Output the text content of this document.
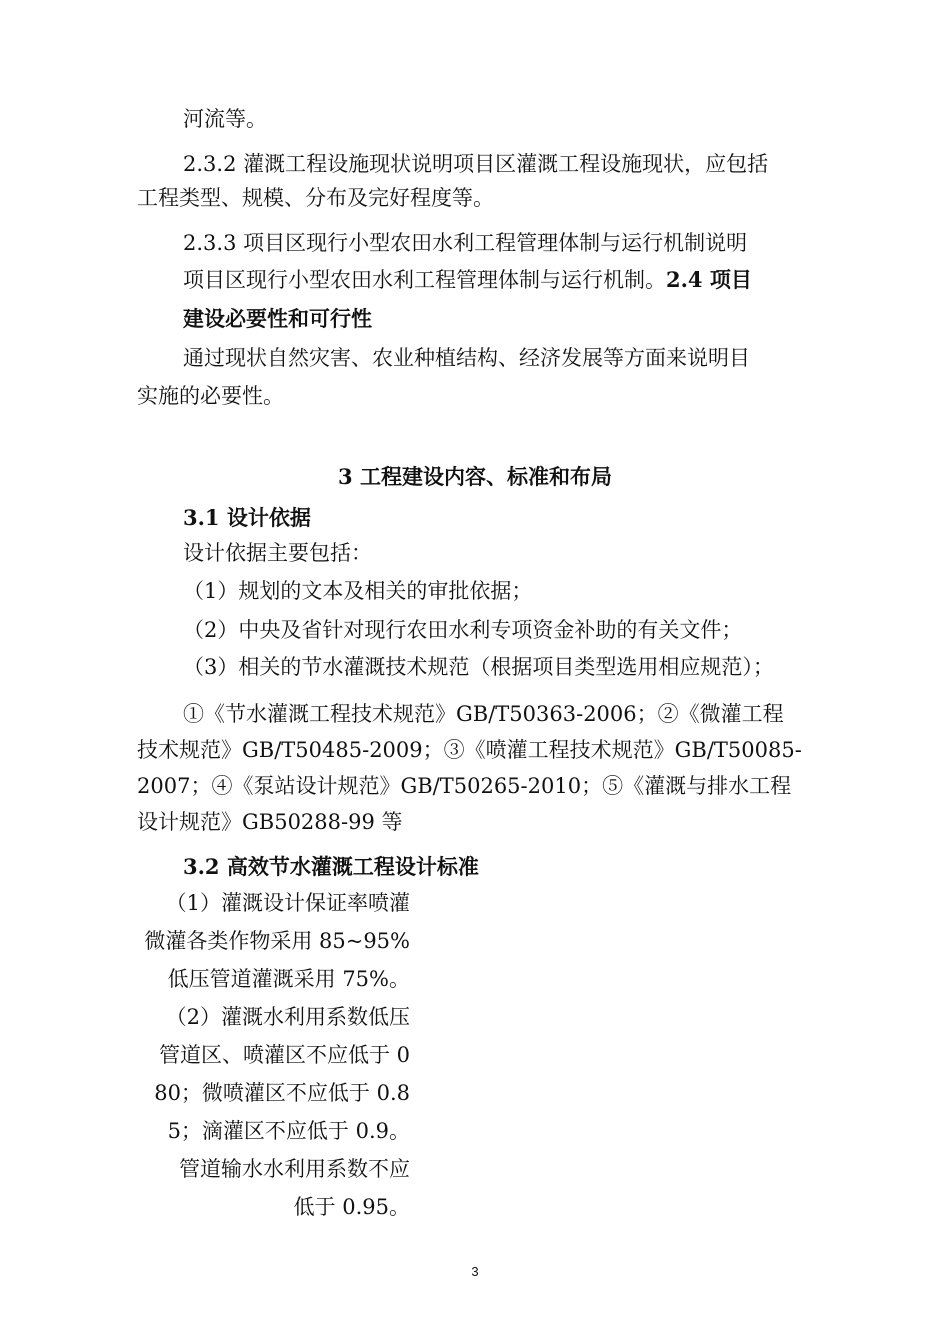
河流等。
2.3.2 灌溉工程设施现状说明项目区灌溉工程设施现状，应包括
工程类型、规模、分布及完好程度等。
2.3.3 项目区现行小型农田水利工程管理体制与运行机制说明
项目区现行小型农田水利工程管理体制与运行机制。2.4 项目
建设必要性和可行性
通过现状自然灾害、农业种植结构、经济发展等方面来说明目
实施的必要性。
3 工程建设内容、标准和布局
3.1 设计依据
设计依据主要包括：
（1）规划的文本及相关的审批依据；
（2）中央及省针对现行农田水利专项资金补助的有关文件；
（3）相关的节水灌溉技术规范（根据项目类型选用相应规范）；
①《节水灌溉工程技术规范》GB/T50363-2006；②《微灌工程
技术规范》GB/T50485-2009；③《喷灌工程技术规范》GB/T50085-
2007；④《泵站设计规范》GB/T50265-2010；⑤《灌溉与排水工程
设计规范》GB50288-99 等
3.2 高效节水灌溉工程设计标准
（1）灌溉设计保证率喷灌
微灌各类作物采用 85~95%
低压管道灌溉采用 75%。
（2）灌溉水利用系数低压
管道区、喷灌区不应低于 0
80；微喷灌区不应低于 0.8
5；滴灌区不应低于 0.9。
管道输水水利用系数不应
低于 0.95。
3
